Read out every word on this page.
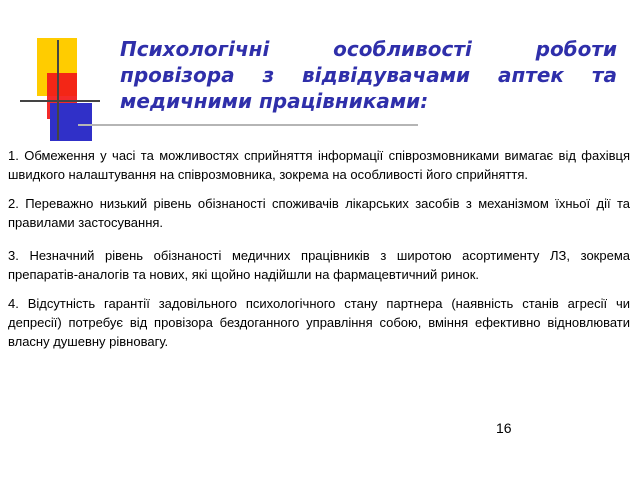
Психологічні особливості роботи провізора з відвідувачами аптек та медичними працівниками:

1. Обмеження у часі та можливостях сприйняття інформації співрозмовниками вимагає від фахівця швидкого налаштування на співрозмовника, зокрема на особливості його сприйняття.

2. Переважно низький рівень обізнаності споживачів лікарських засобів з механізмом їхньої дії та правилами застосування.

3. Незначний рівень обізнаності медичних працівників з широтою асортименту ЛЗ, зокрема препаратів-аналогів та нових, які щойно надійшли на фармацевтичний ринок.

4. Відсутність гарантії задовільного психологічного стану партнера (наявність станів агресії чи депресії) потребує від провізора бездоганного управління собою, вміння ефективно відновлювати власну душевну рівновагу.

16
